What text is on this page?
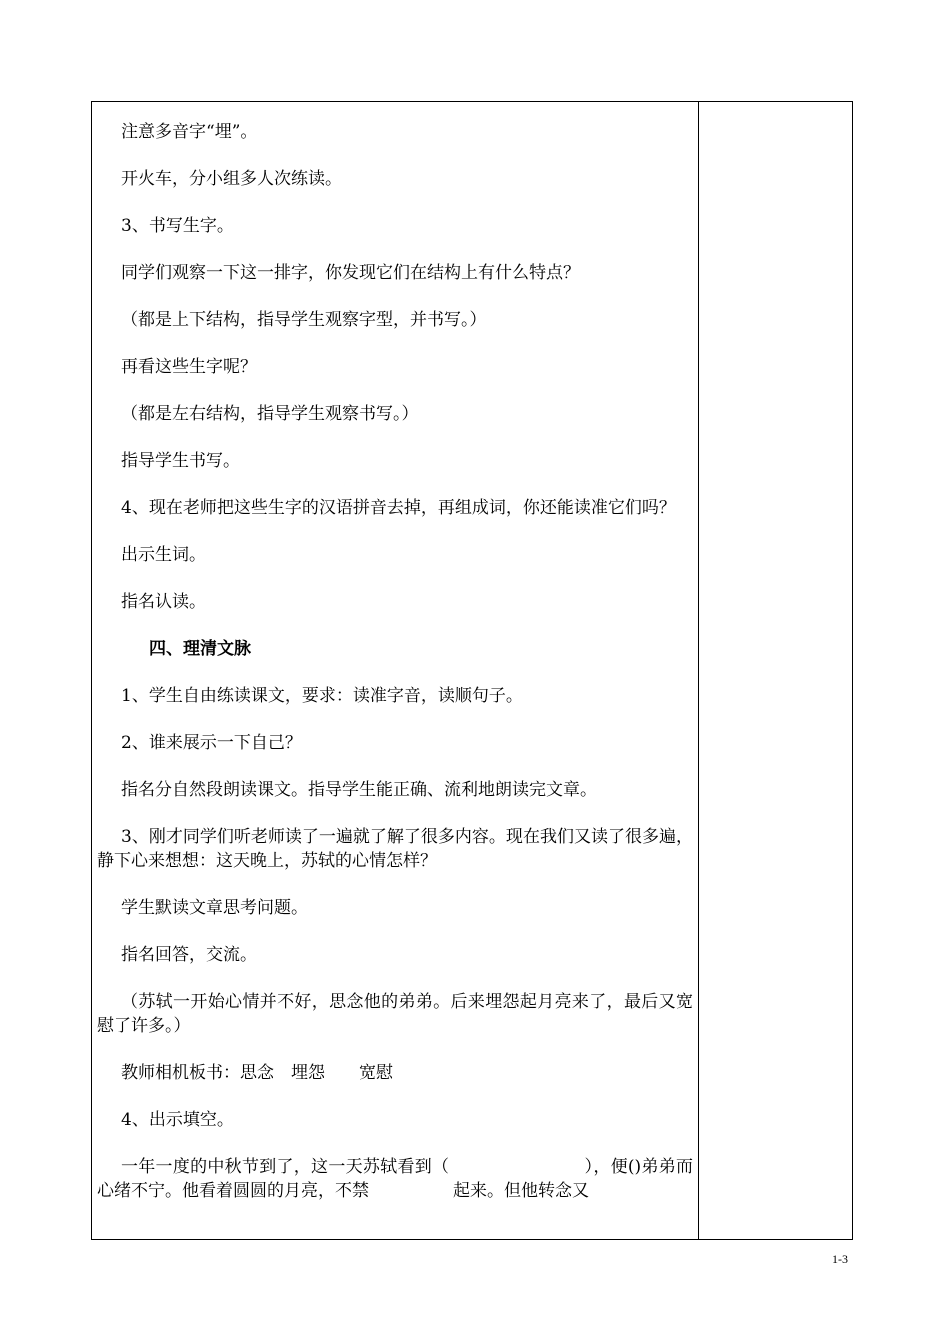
注意多音字“埋”。

开火车，分小组多人次练读。

3、书写生字。

同学们观察一下这一排字，你发现它们在结构上有什么特点？

（都是上下结构，指导学生观察字型，并书写。）

再看这些生字呢？

（都是左右结构，指导学生观察书写。）

指导学生书写。

4、现在老师把这些生字的汉语拼音去掉，再组成词，你还能读准它们吗？

出示生词。

指名认读。

四、理清文脉

1、学生自由练读课文，要求：读准字音，读顺句子。

2、谁来展示一下自己？

指名分自然段朗读课文。指导学生能正确、流利地朗读完文章。

3、刚才同学们听老师读了一遍就了解了很多内容。现在我们又读了很多遍，静下心来想想：这天晚上，苏轼的心情怎样？

学生默读文章思考问题。

指名回答，交流。

（苏轼一开始心情并不好，思念他的弟弟。后来埋怨起月亮来了，最后又宽慰了许多。）

教师相机板书：思念　埋怨　　宽慰

4、出示填空。

一年一度的中秋节到了，这一天苏轼看到（	），便()弟弟而心绪不宁。他看着圆圆的月亮，不禁	起来。但他转念又

1-3
